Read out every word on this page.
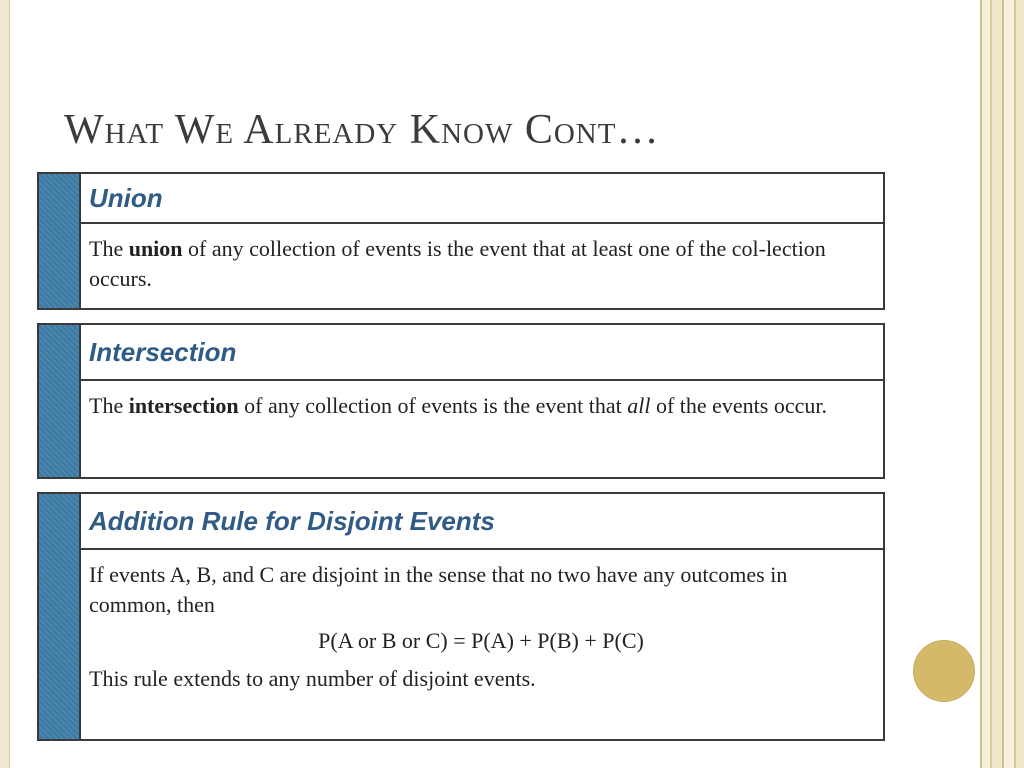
What We Already Know Cont…
Union
The union of any collection of events is the event that at least one of the col-lection occurs.
Intersection
The intersection of any collection of events is the event that all of the events occur.
Addition Rule for Disjoint Events
If events A, B, and C are disjoint in the sense that no two have any outcomes in common, then
P(A or B or C) = P(A) + P(B) + P(C)
This rule extends to any number of disjoint events.
